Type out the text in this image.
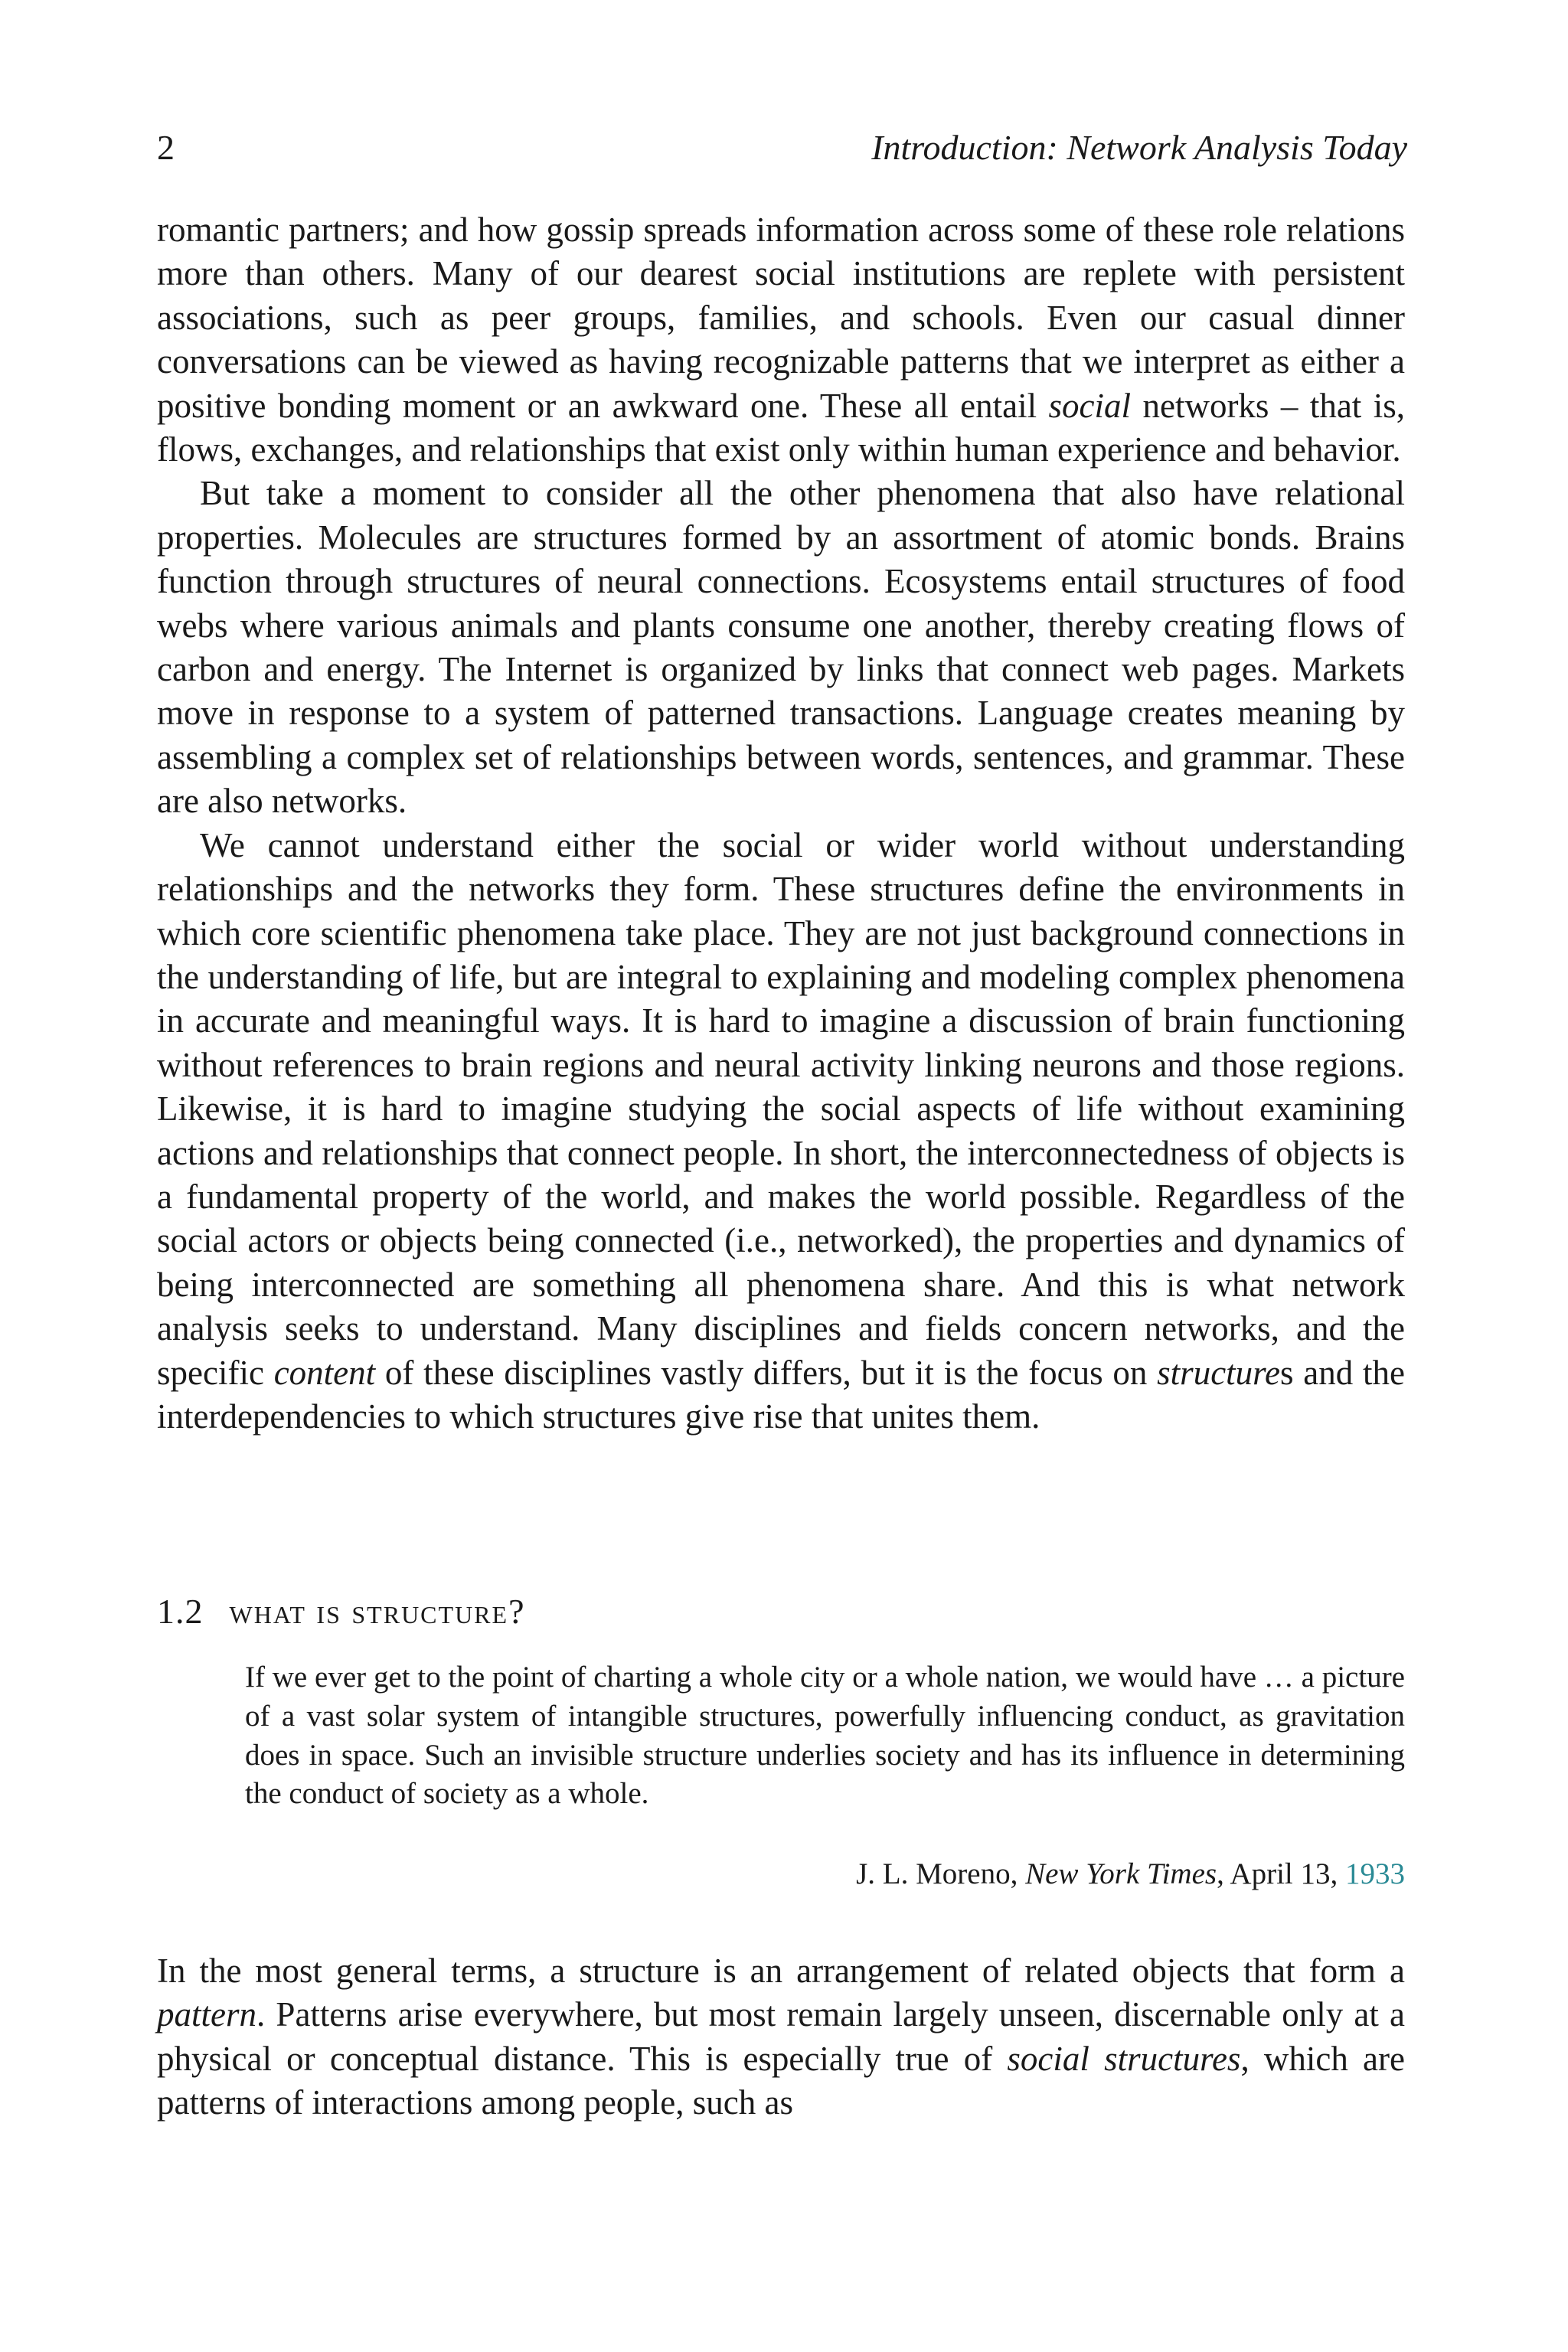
2	Introduction: Network Analysis Today

romantic partners; and how gossip spreads information across some of these role relations more than others. Many of our dearest social institutions are replete with persistent associations, such as peer groups, families, and schools. Even our casual dinner conversations can be viewed as having recognizable patterns that we interpret as either a positive bonding moment or an awkward one. These all entail social networks – that is, flows, exchanges, and relationships that exist only within human experience and behavior.

But take a moment to consider all the other phenomena that also have relational properties. Molecules are structures formed by an assortment of atomic bonds. Brains function through structures of neural connections. Ecosystems entail structures of food webs where various animals and plants consume one another, thereby creating flows of carbon and energy. The Internet is organized by links that connect web pages. Markets move in response to a system of patterned transactions. Language creates meaning by assembling a complex set of relationships between words, sentences, and grammar. These are also networks.

We cannot understand either the social or wider world without understanding relationships and the networks they form. These structures define the environments in which core scientific phenomena take place. They are not just background connections in the understanding of life, but are integral to explaining and modeling complex phenomena in accurate and meaningful ways. It is hard to imagine a discussion of brain functioning without references to brain regions and neural activity linking neurons and those regions. Likewise, it is hard to imagine studying the social aspects of life without examining actions and relationships that connect people. In short, the interconnectedness of objects is a fundamental property of the world, and makes the world possible. Regardless of the social actors or objects being connected (i.e., networked), the properties and dynamics of being interconnected are something all phenomena share. And this is what network analysis seeks to understand. Many disciplines and fields concern networks, and the specific content of these disciplines vastly differs, but it is the focus on structures and the interdependencies to which structures give rise that unites them.

1.2 what is structure?
If we ever get to the point of charting a whole city or a whole nation, we would have … a picture of a vast solar system of intangible structures, powerfully influencing conduct, as gravitation does in space. Such an invisible structure underlies society and has its influence in determining the conduct of society as a whole.
J. L. Moreno, New York Times, April 13, 1933

In the most general terms, a structure is an arrangement of related objects that form a pattern. Patterns arise everywhere, but most remain largely unseen, discernable only at a physical or conceptual distance. This is especially true of social structures, which are patterns of interactions among people, such as
